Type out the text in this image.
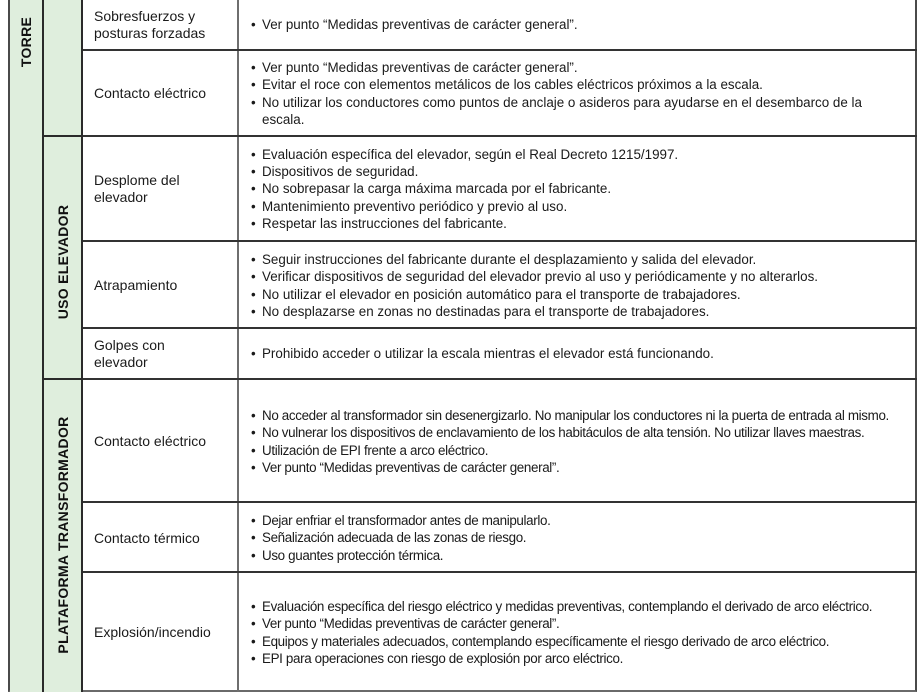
TORRE
USO ELEVADOR
PLATAFORMA TRANSFORMADOR
Sobresfuerzos y posturas forzadas
• Ver punto “Medidas preventivas de carácter general”.
Contacto eléctrico
• Ver punto “Medidas preventivas de carácter general”.
• Evitar el roce con elementos metálicos de los cables eléctricos próximos a la escala.
• No utilizar los conductores como puntos de anclaje o asideros para ayudarse en el desembarco de la escala.
Desplome del elevador
• Evaluación específica del elevador, según el Real Decreto 1215/1997.
• Dispositivos de seguridad.
• No sobrepasar la carga máxima marcada por el fabricante.
• Mantenimiento preventivo periódico y previo al uso.
• Respetar las instrucciones del fabricante.
Atrapamiento
• Seguir instrucciones del fabricante durante el desplazamiento y salida del elevador.
• Verificar dispositivos de seguridad del elevador previo al uso y periódicamente y no alterarlos.
• No utilizar el elevador en posición automático para el transporte de trabajadores.
• No desplazarse en zonas no destinadas para el transporte de trabajadores.
Golpes con elevador
• Prohibido acceder o utilizar la escala mientras el elevador está funcionando.
Contacto eléctrico
• No acceder al transformador sin desenergizarlo. No manipular los conductores ni la puerta de entrada al mismo.
• No vulnerar los dispositivos de enclavamiento de los habitáculos de alta tensión. No utilizar llaves maestras.
• Utilización de EPI frente a arco eléctrico.
• Ver punto “Medidas preventivas de carácter general”.
Contacto térmico
• Dejar enfriar el transformador antes de manipularlo.
• Señalización adecuada de las zonas de riesgo.
• Uso guantes protección térmica.
Explosión/incendio
• Evaluación específica del riesgo eléctrico y medidas preventivas, contemplando el derivado de arco eléctrico.
• Ver punto “Medidas preventivas de carácter general”.
• Equipos y materiales adecuados, contemplando específicamente el riesgo derivado de arco eléctrico.
• EPI para operaciones con riesgo de explosión por arco eléctrico.
